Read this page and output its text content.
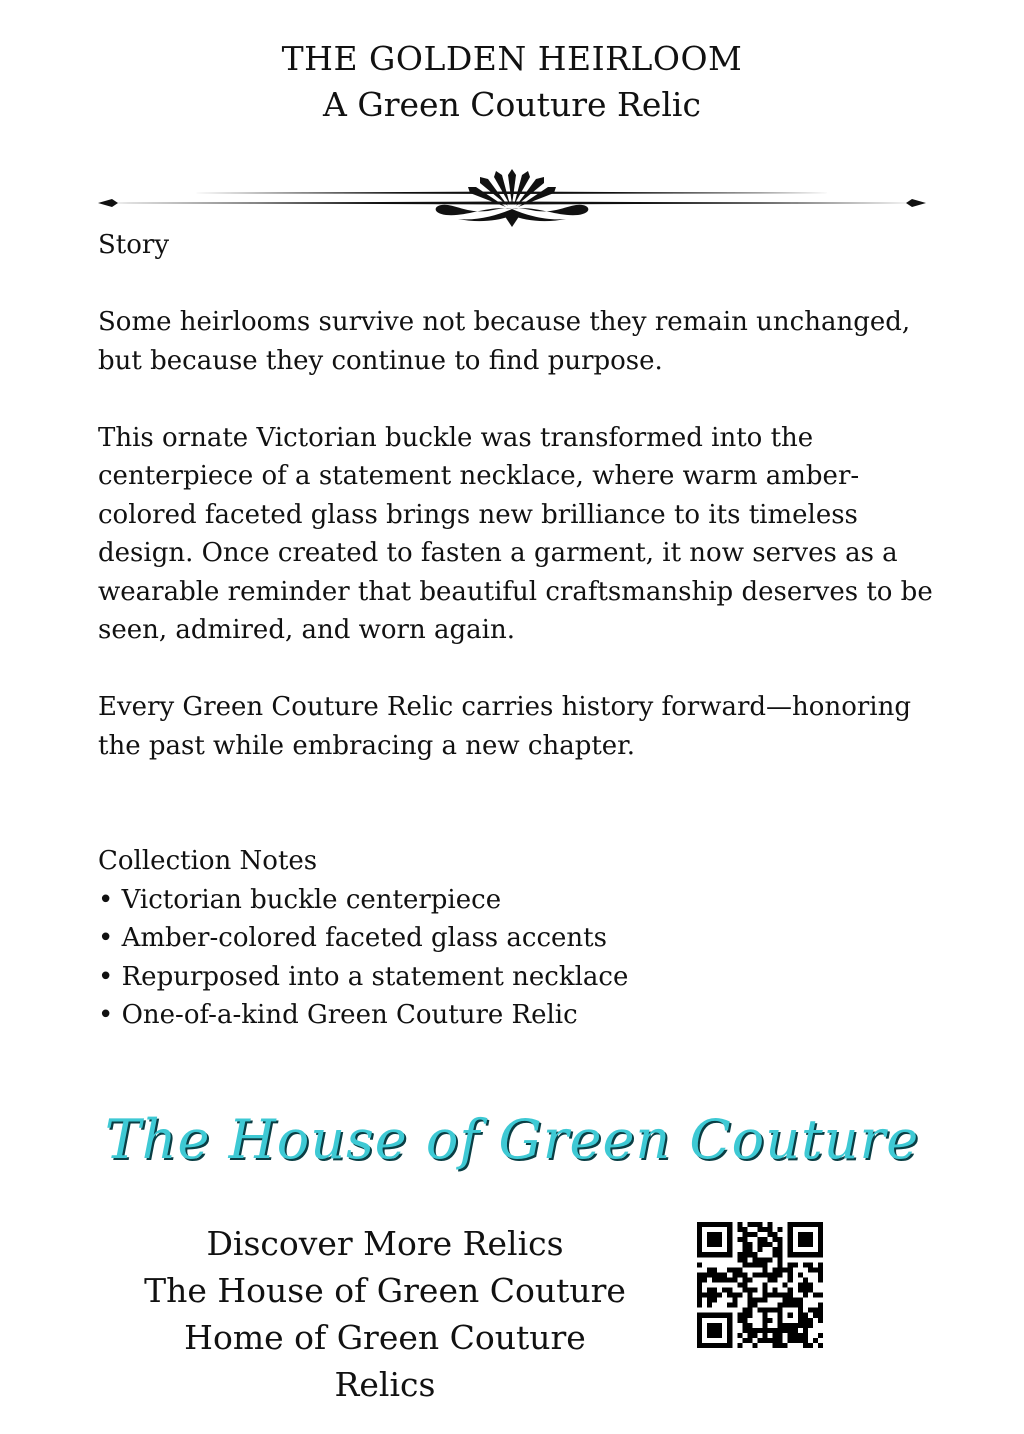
THE GOLDEN HEIRLOOM
A Green Couture Relic

Story

Some heirlooms survive not because they remain unchanged, but because they continue to find purpose.

This ornate Victorian buckle was transformed into the centerpiece of a statement necklace, where warm amber-colored faceted glass brings new brilliance to its timeless design. Once created to fasten a garment, it now serves as a wearable reminder that beautiful craftsmanship deserves to be seen, admired, and worn again.

Every Green Couture Relic carries history forward—honoring the past while embracing a new chapter.

Collection Notes

• Victorian buckle centerpiece
• Amber-colored faceted glass accents
• Repurposed into a statement necklace
• One-of-a-kind Green Couture Relic
The House of Green Couture
Discover More Relics
The House of Green Couture
Home of Green Couture Relics
